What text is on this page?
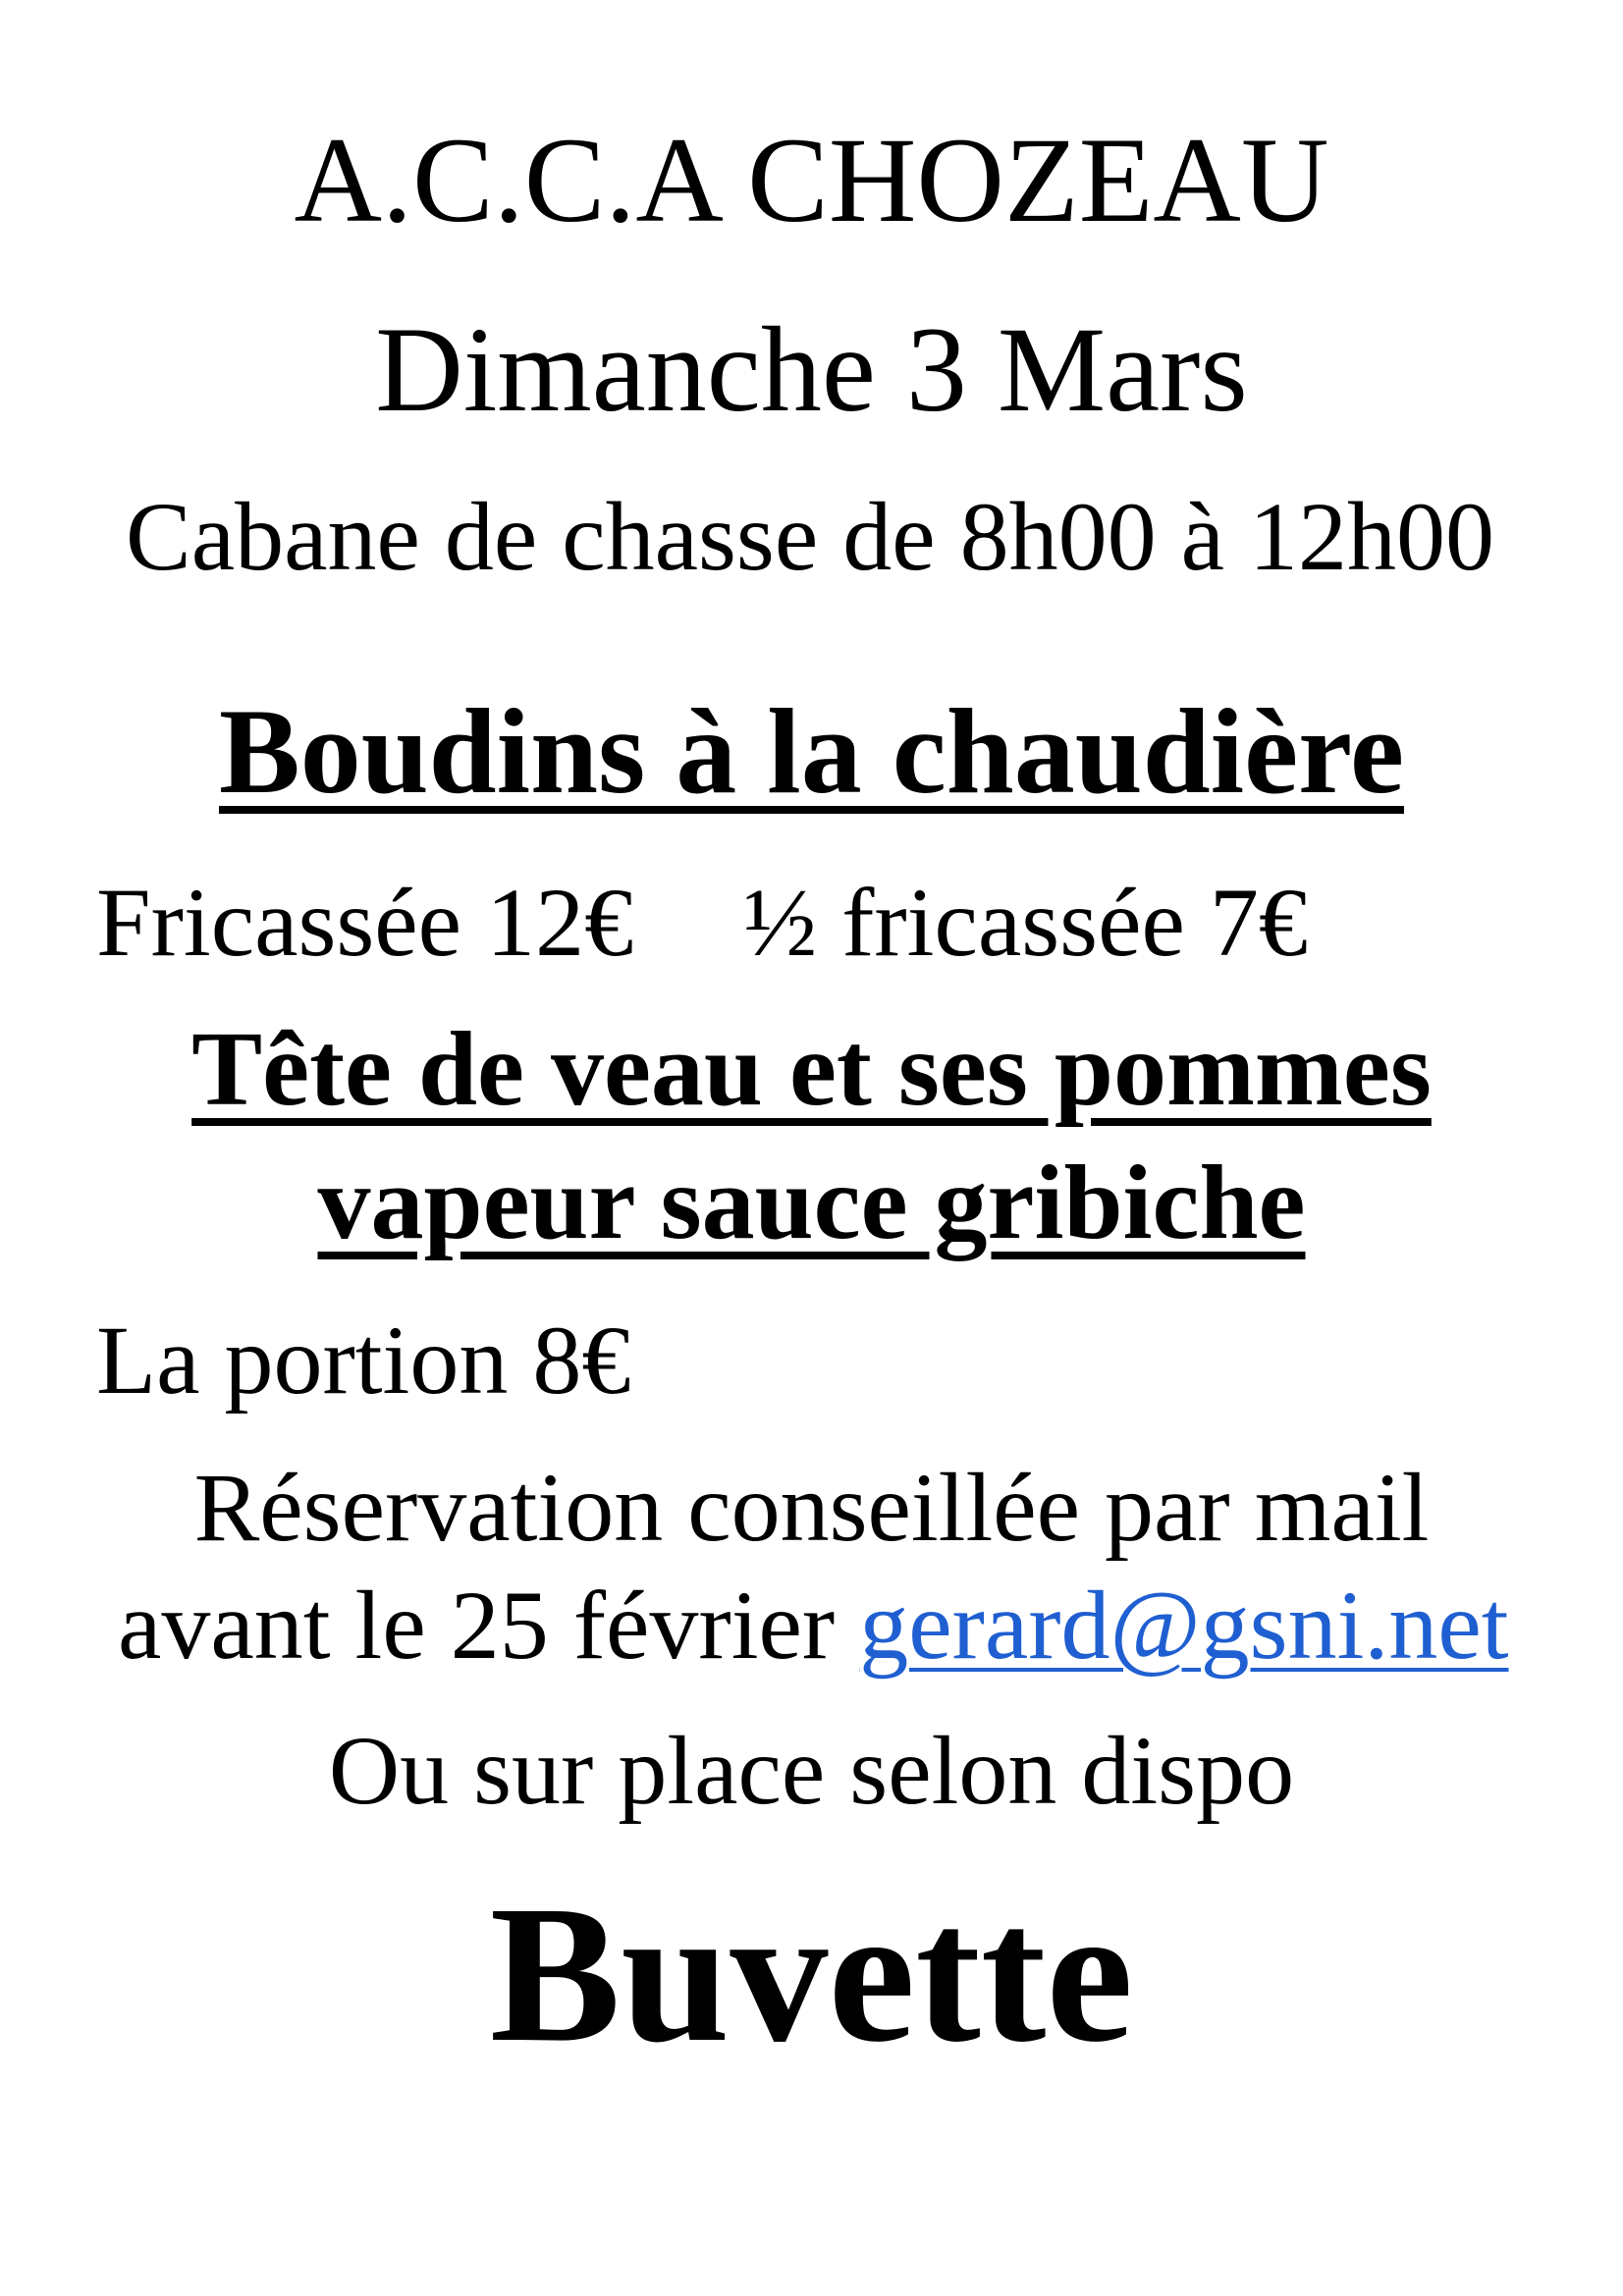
A.C.C.A CHOZEAU
Dimanche 3 Mars
Cabane de chasse de 8h00 à 12h00
Boudins à la chaudière
Fricassée 12€ ½ fricassée 7€
Tête de veau et ses pommes
vapeur sauce gribiche
La portion 8€
Réservation conseillée par mail
avant le 25 février gerard@gsni.net
Ou sur place selon dispo
Buvette
